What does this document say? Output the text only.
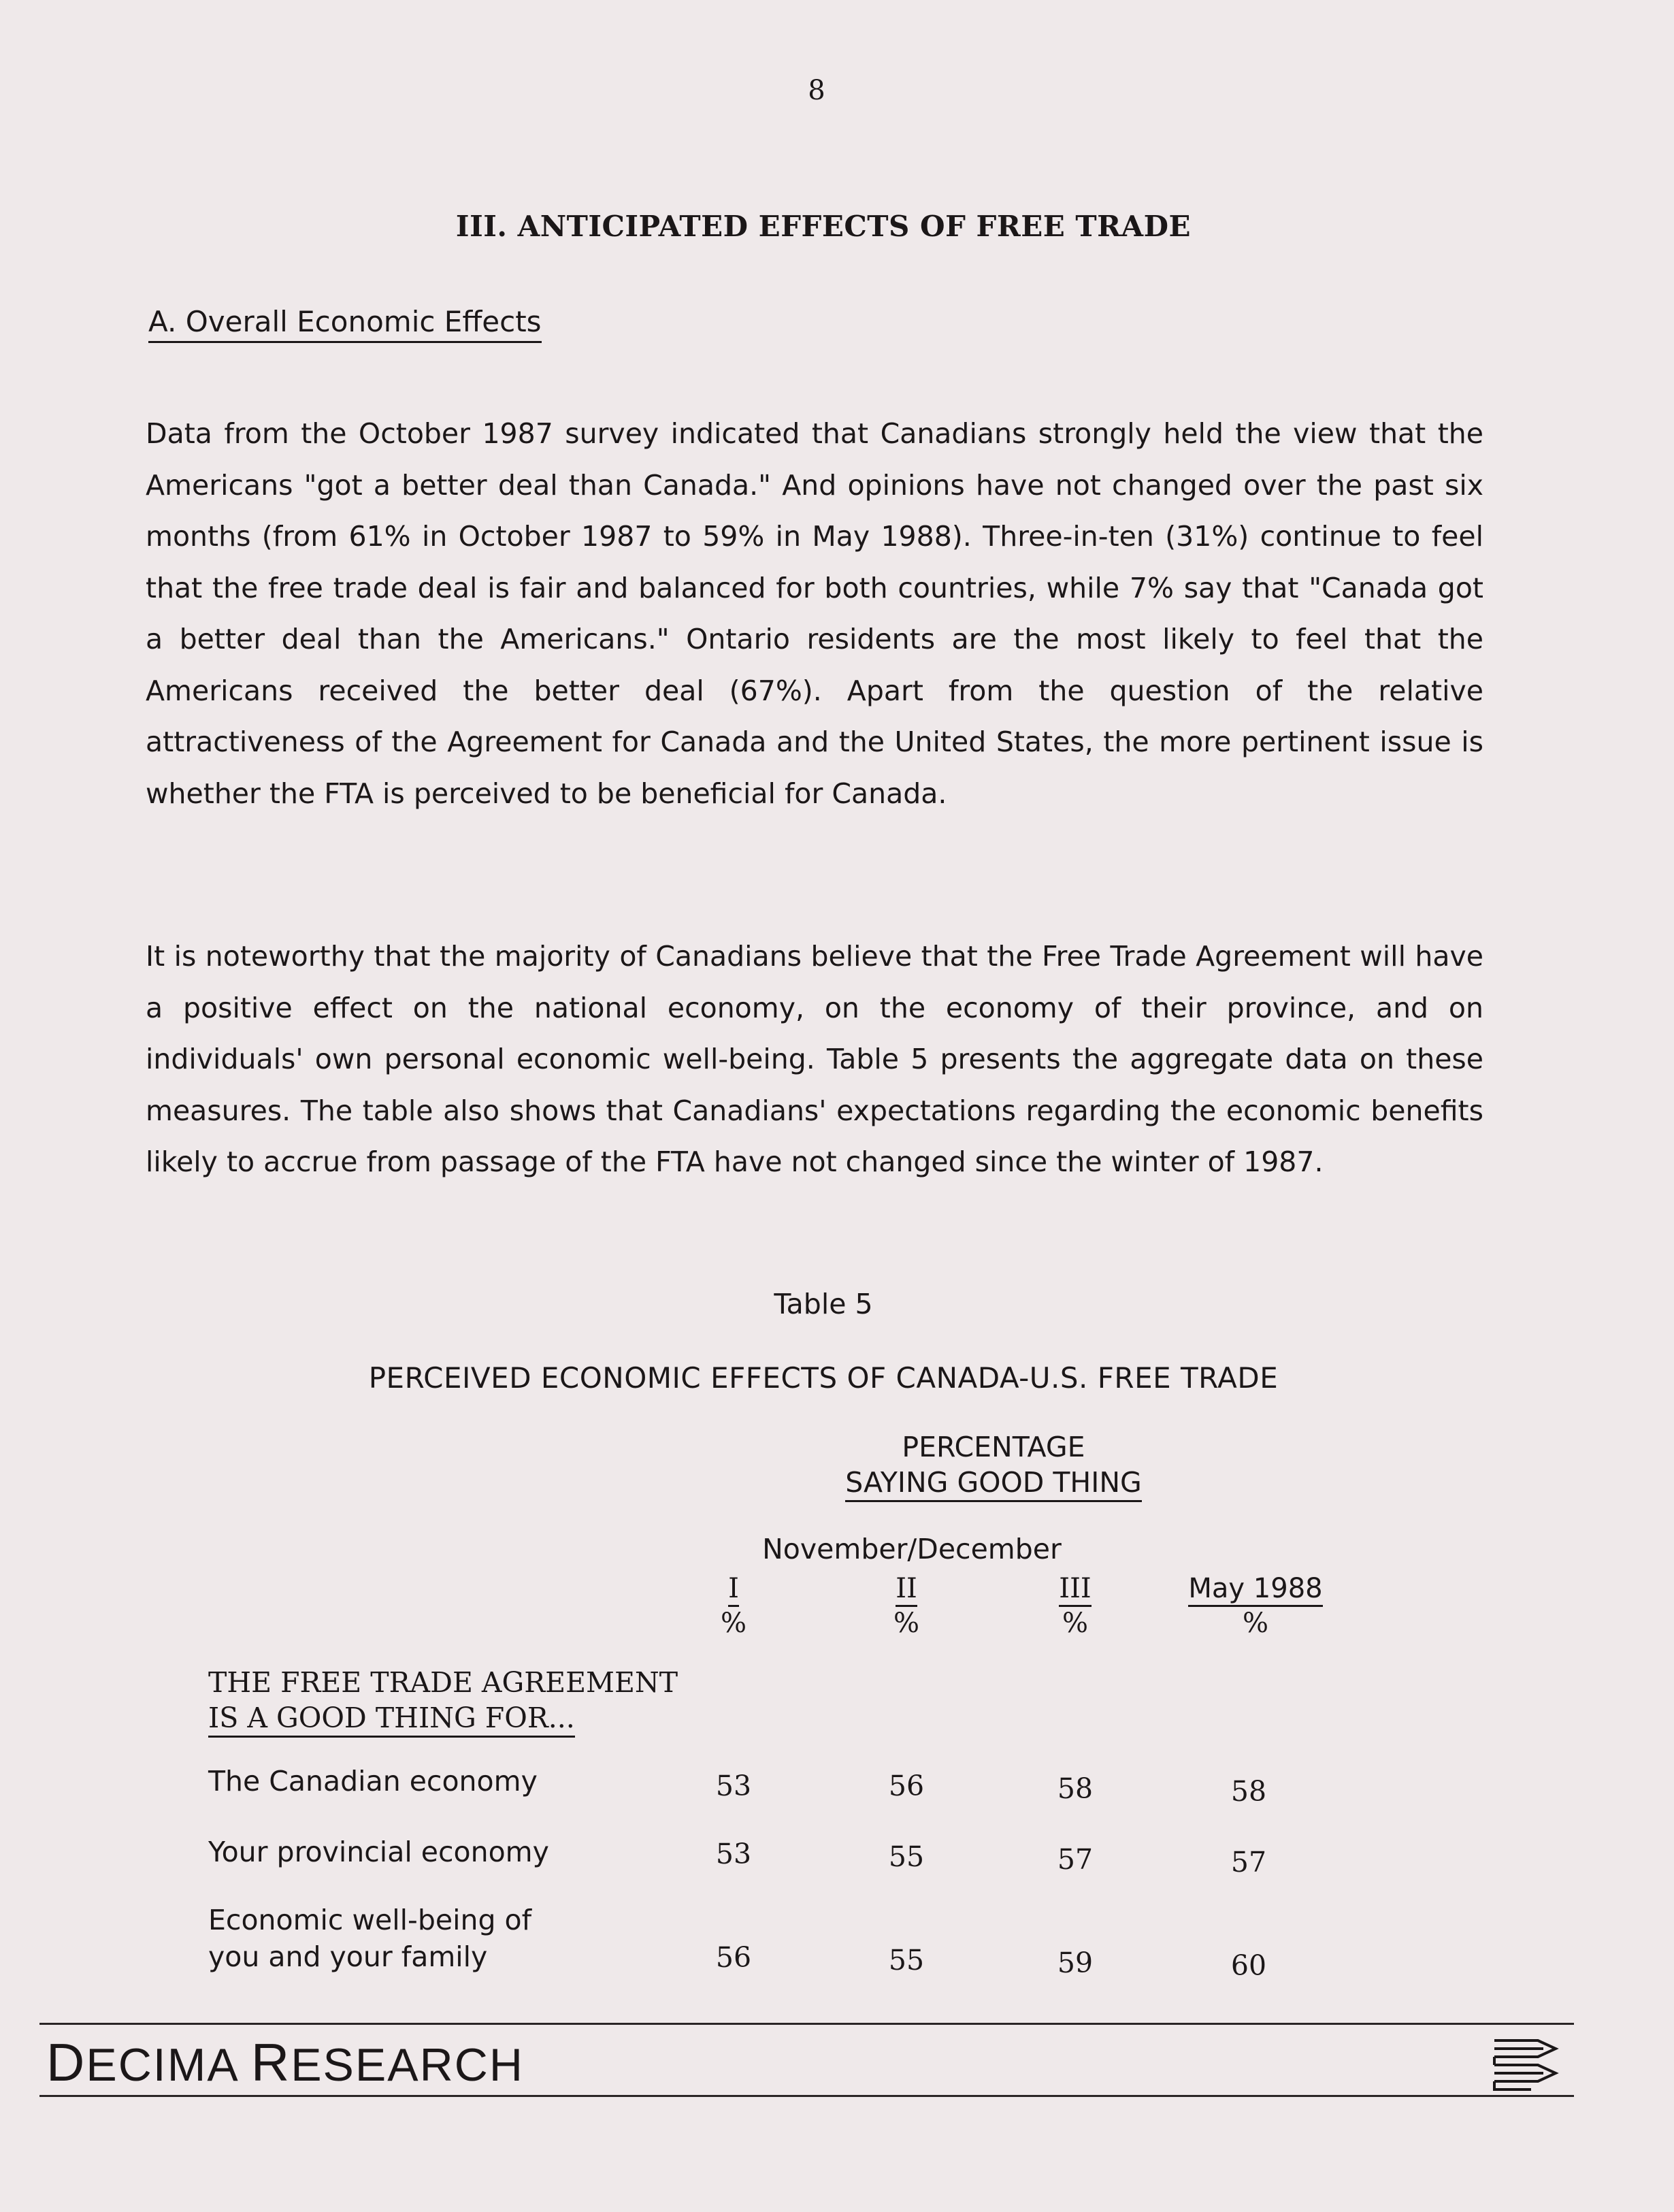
8
III. ANTICIPATED EFFECTS OF FREE TRADE
A. Overall Economic Effects

Data from the October 1987 survey indicated that Canadians strongly held the view that the Americans "got a better deal than Canada." And opinions have not changed over the past six months (from 61% in October 1987 to 59% in May 1988). Three-in-ten (31%) continue to feel that the free trade deal is fair and balanced for both countries, while 7% say that "Canada got a better deal than the Americans." Ontario residents are the most likely to feel that the Americans received the better deal (67%). Apart from the question of the relative attractiveness of the Agreement for Canada and the United States, the more pertinent issue is whether the FTA is perceived to be beneficial for Canada.

It is noteworthy that the majority of Canadians believe that the Free Trade Agreement will have a positive effect on the national economy, on the economy of their province, and on individuals' own personal economic well-being. Table 5 presents the aggregate data on these measures. The table also shows that Canadians' expectations regarding the economic benefits likely to accrue from passage of the FTA have not changed since the winter of 1987.

Table 5
PERCEIVED ECONOMIC EFFECTS OF CANADA-U.S. FREE TRADE
PERCENTAGE
SAYING GOOD THING
November/December
I
%
II
%
III
%
May 1988
%
THE FREE TRADE AGREEMENT
IS A GOOD THING FOR...
The Canadian economy	53	56	58	58
Your provincial economy	53	55	57	57
Economic well-being of
you and your family	56	55	59	60
DECIMA RESEARCH
